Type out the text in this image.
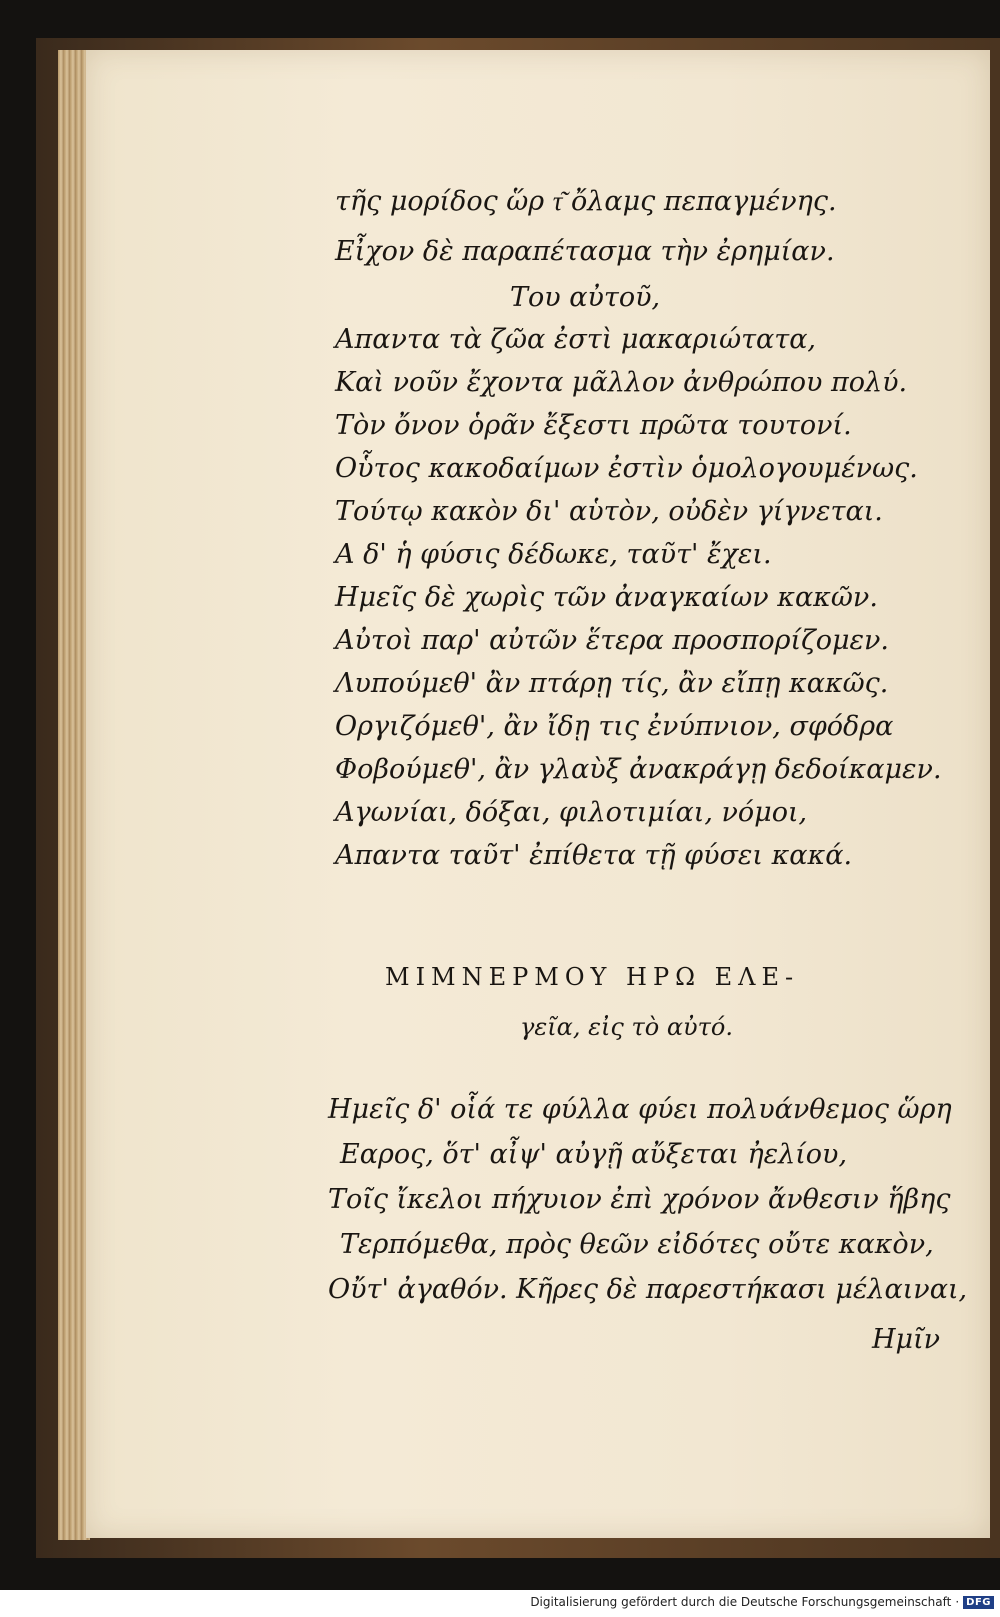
τῆς μορίδος ὥρ τ͂ ὄλαμς πεπαγμένης.
Εἶχον δὲ παραπέτασμα τὴν ἐρημίαν.
Του αὐτοῦ,
Απαντα τὰ ζῶα ἐστὶ μακαριώτατα,
Καὶ νοῦν ἔχοντα μᾶλλον ἀνθρώπου πολύ.
Τὸν ὄνον ὁρᾶν ἔξεστι πρῶτα τουτονί.
Οὗτος κακοδαίμων ἐστὶν ὁμολογουμένως.
Τούτῳ κακὸν δι' αὑτὸν, οὐδὲν γίγνεται.
Α δ' ἡ φύσις δέδωκε, ταῦτ' ἔχει.
Ημεῖς δὲ χωρὶς τῶν ἀναγκαίων κακῶν.
Αὐτοὶ παρ' αὐτῶν ἕτερα προσπορίζομεν.
Λυπούμεθ' ἂν πτάρῃ τίς, ἂν εἴπῃ κακῶς.
Οργιζόμεθ', ἂν ἴδῃ τις ἐνύπνιον, σφόδρα
Φοβούμεθ', ἂν γλαὺξ ἀνακράγῃ δεδοίκαμεν.
Αγωνίαι, δόξαι, φιλοτιμίαι, νόμοι,
Απαντα ταῦτ' ἐπίθετα τῇ φύσει κακά.
ΜΙΜΝΕΡΜΟΥ ΗΡΩ ΕΛΕ-
γεῖα, εἰς τὸ αὐτό.
Ημεῖς δ' οἷά τε φύλλα φύει πολυάνθεμος ὥρη
Εαρος, ὅτ' αἶψ' αὐγῇ αὔξεται ἠελίου,
Τοῖς ἴκελοι πήχυιον ἐπὶ χρόνον ἄνθεσιν ἥβης
Τερπόμεθα, πρὸς θεῶν εἰδότες οὔτε κακὸν,
Οὔτ' ἀγαθόν. Κῆρες δὲ παρεστήκασι μέλαιναι,
Ημῖν
Digitalisierung gefördert durch die Deutsche Forschungsgemeinschaft · DFG
